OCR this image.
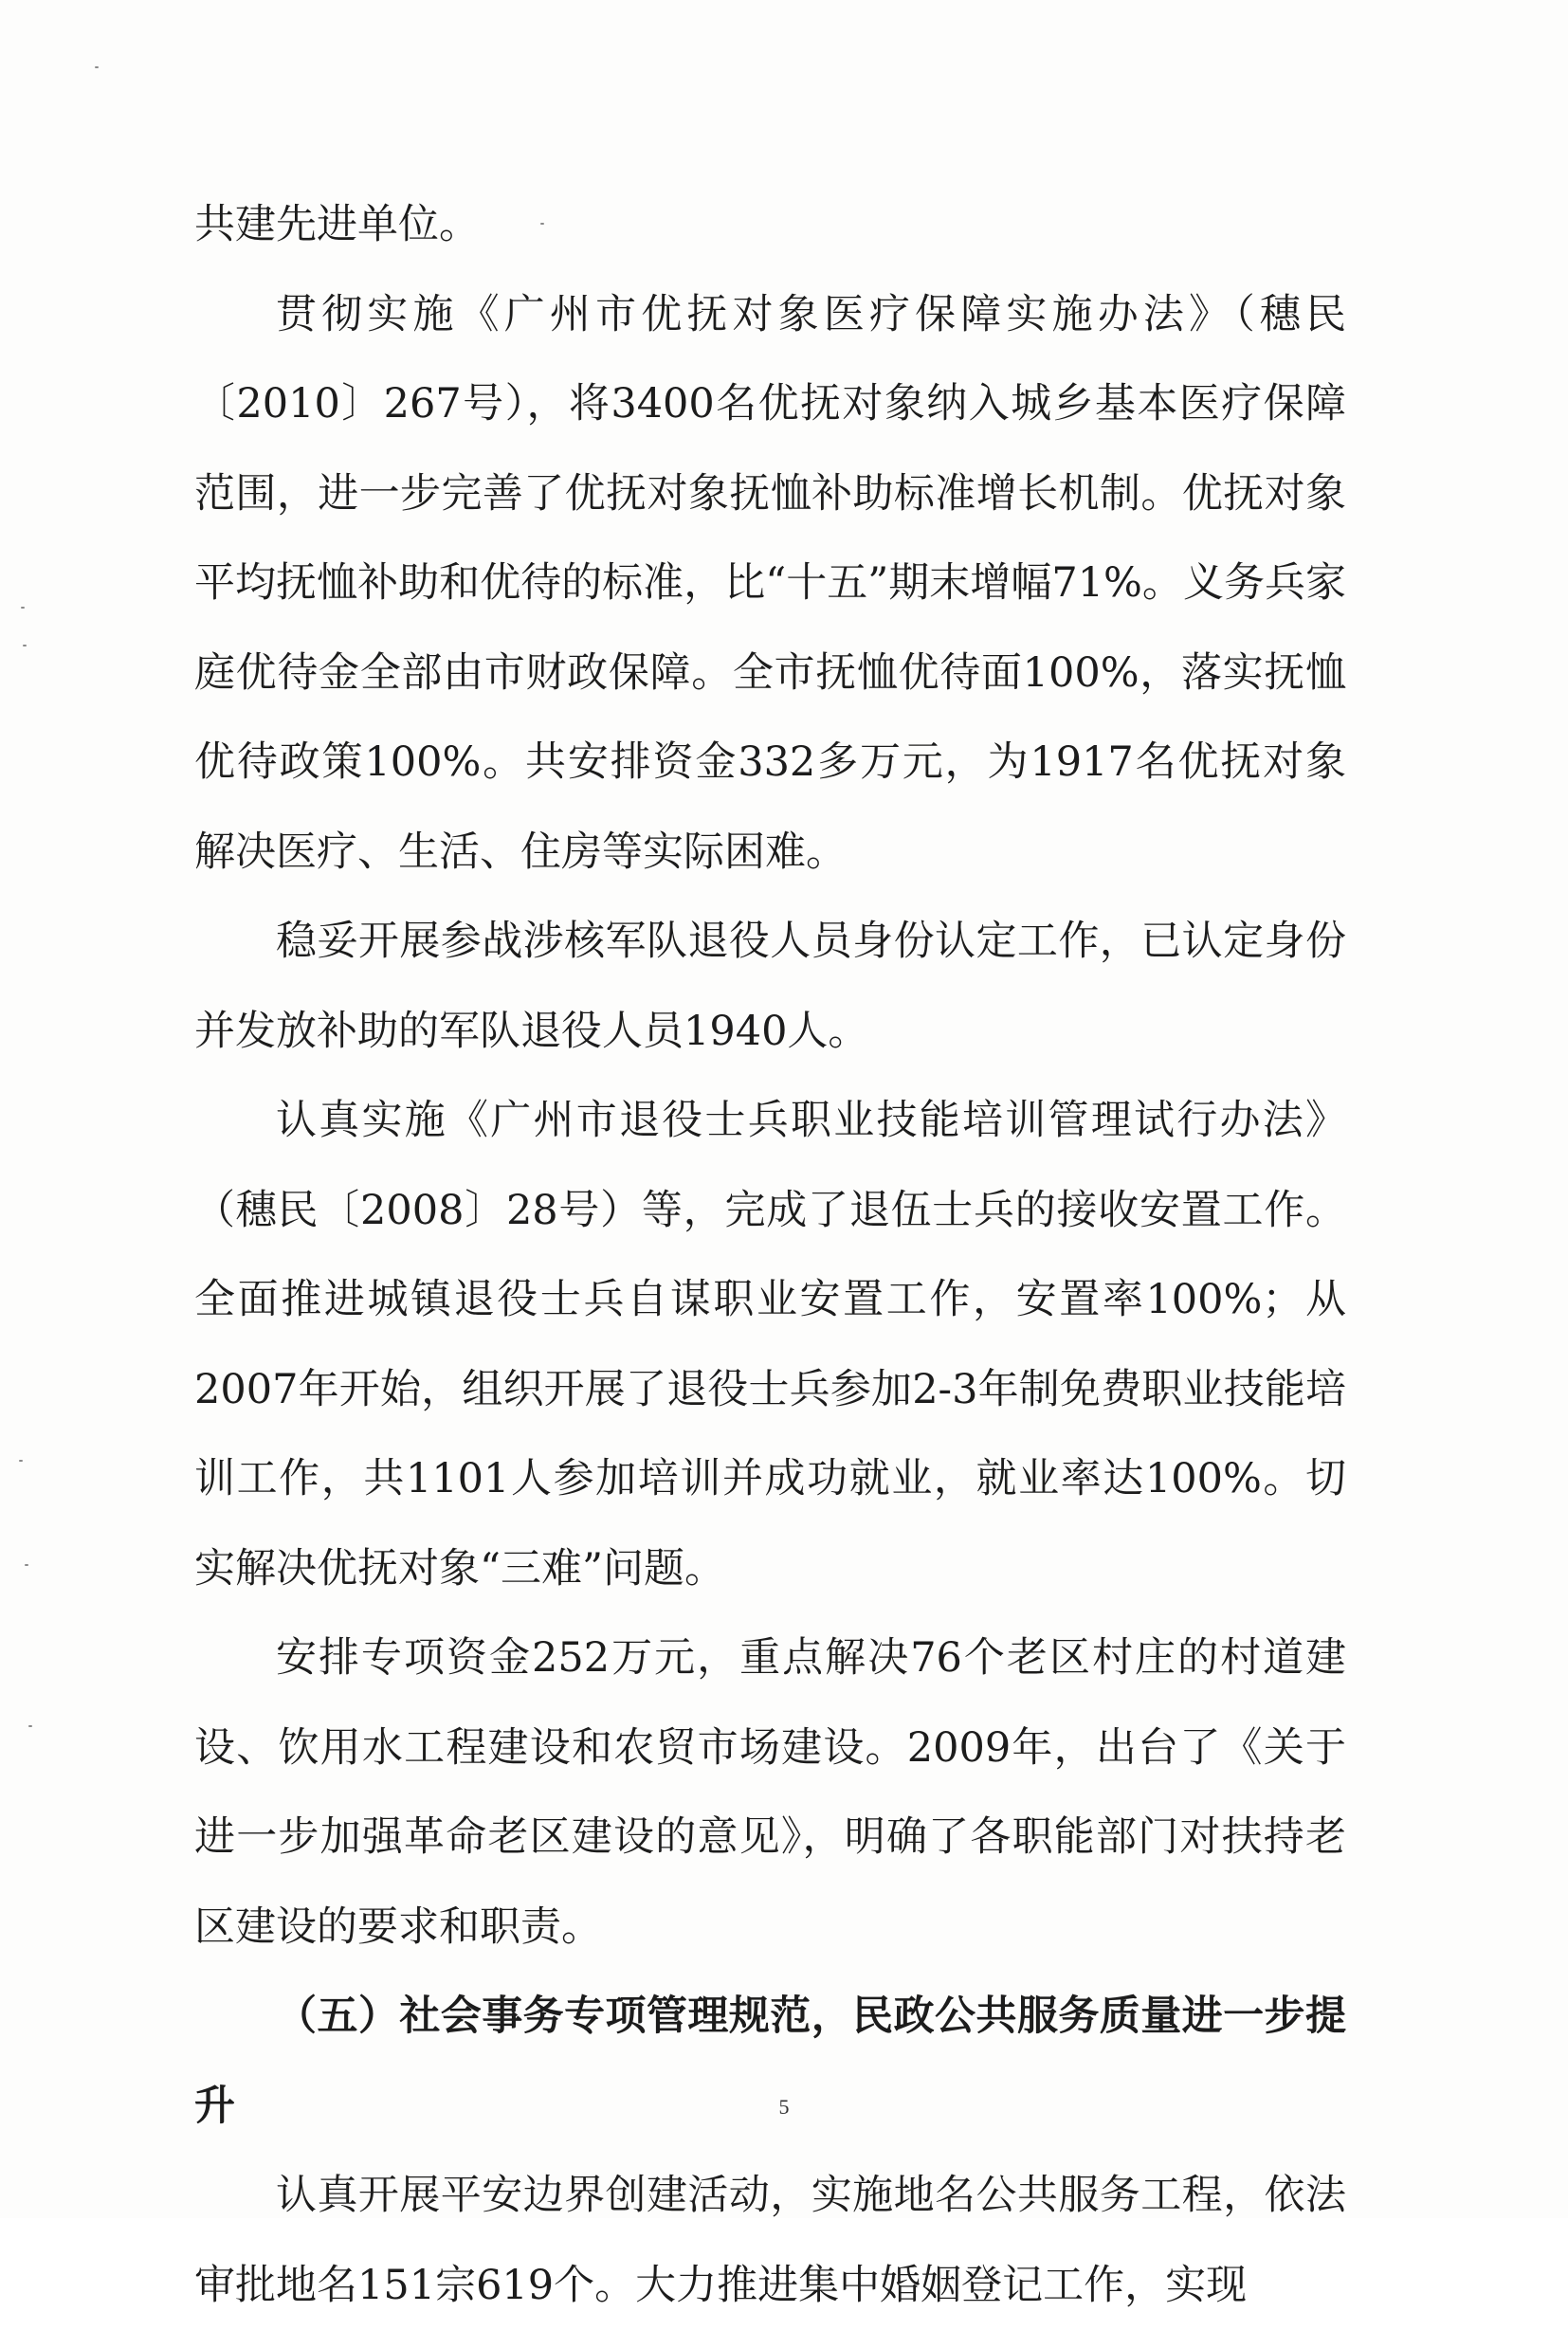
共建先进单位。

贯彻实施《广州市优抚对象医疗保障实施办法》（穗民〔2010〕267号），将3400名优抚对象纳入城乡基本医疗保障范围，进一步完善了优抚对象抚恤补助标准增长机制。优抚对象平均抚恤补助和优待的标准，比“十五”期末增幅71%。义务兵家庭优待金全部由市财政保障。全市抚恤优待面100%，落实抚恤优待政策100%。共安排资金332多万元，为1917名优抚对象解决医疗、生活、住房等实际困难。

稳妥开展参战涉核军队退役人员身份认定工作，已认定身份并发放补助的军队退役人员1940人。

认真实施《广州市退役士兵职业技能培训管理试行办法》（穗民〔2008〕28号）等，完成了退伍士兵的接收安置工作。全面推进城镇退役士兵自谋职业安置工作，安置率100%；从2007年开始，组织开展了退役士兵参加2-3年制免费职业技能培训工作，共1101人参加培训并成功就业，就业率达100%。切实解决优抚对象“三难”问题。

安排专项资金252万元，重点解决76个老区村庄的村道建设、饮用水工程建设和农贸市场建设。2009年，出台了《关于进一步加强革命老区建设的意见》，明确了各职能部门对扶持老区建设的要求和职责。

（五）社会事务专项管理规范，民政公共服务质量进一步提升

认真开展平安边界创建活动，实施地名公共服务工程，依法审批地名151宗619个。大力推进集中婚姻登记工作，实现

5
